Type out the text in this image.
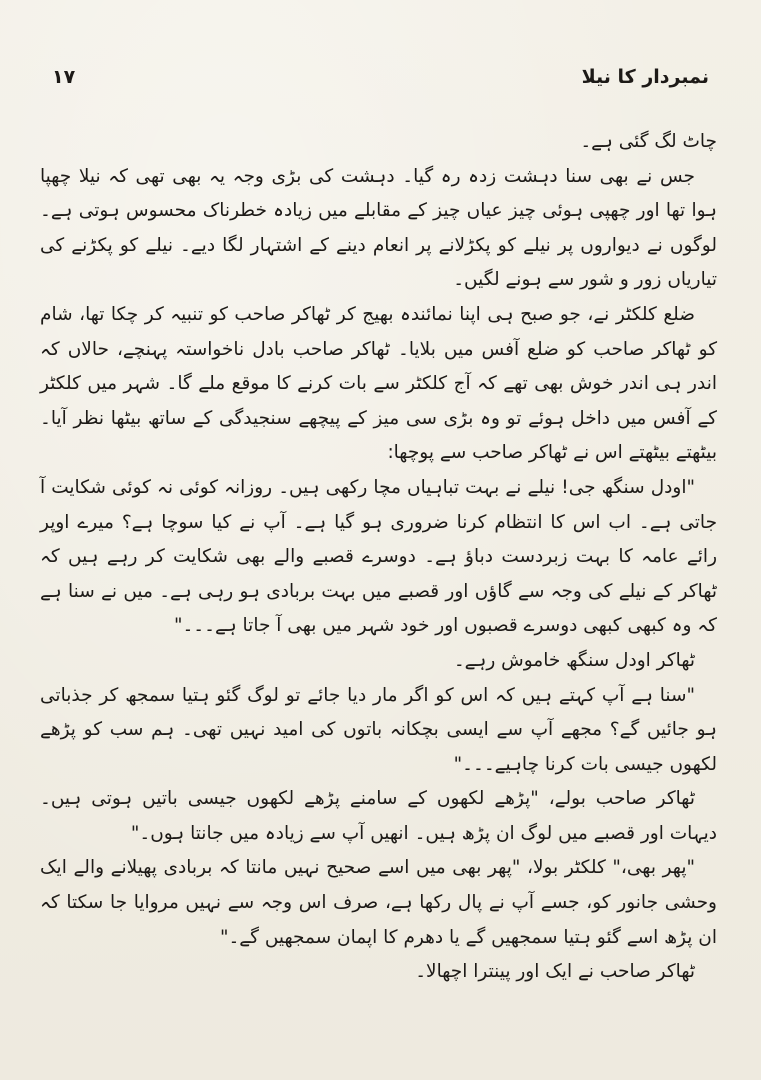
نمبردار کا نیلا
۱۷

چاٹ لگ گئی ہے۔

جس نے بھی سنا دہشت زدہ رہ گیا۔ دہشت کی بڑی وجہ یہ بھی تھی کہ نیلا چھپا ہوا تھا اور چھپی ہوئی چیز عیاں چیز کے مقابلے میں زیادہ خطرناک محسوس ہوتی ہے۔ لوگوں نے دیواروں پر نیلے کو پکڑلانے پر انعام دینے کے اشتہار لگا دیے۔ نیلے کو پکڑنے کی تیاریاں زور و شور سے ہونے لگیں۔

ضلع کلکٹر نے، جو صبح ہی اپنا نمائندہ بھیج کر ٹھاکر صاحب کو تنبیہ کر چکا تھا، شام کو ٹھاکر صاحب کو ضلع آفس میں بلایا۔ ٹھاکر صاحب بادل ناخواستہ پہنچے، حالاں کہ اندر ہی اندر خوش بھی تھے کہ آج کلکٹر سے بات کرنے کا موقع ملے گا۔ شہر میں کلکٹر کے آفس میں داخل ہوئے تو وہ بڑی سی میز کے پیچھے سنجیدگی کے ساتھ بیٹھا نظر آیا۔ بیٹھتے بیٹھتے اس نے ٹھاکر صاحب سے پوچھا:

"اودل سنگھ جی! نیلے نے بہت تباہیاں مچا رکھی ہیں۔ روزانہ کوئی نہ کوئی شکایت آ جاتی ہے۔ اب اس کا انتظام کرنا ضروری ہو گیا ہے۔ آپ نے کیا سوچا ہے؟ میرے اوپر رائے عامہ کا بہت زبردست دباؤ ہے۔ دوسرے قصبے والے بھی شکایت کر رہے ہیں کہ ٹھاکر کے نیلے کی وجہ سے گاؤں اور قصبے میں بہت بربادی ہو رہی ہے۔ میں نے سنا ہے کہ وہ کبھی کبھی دوسرے قصبوں اور خود شہر میں بھی آ جاتا ہے۔۔۔"

ٹھاکر اودل سنگھ خاموش رہے۔

"سنا ہے آپ کہتے ہیں کہ اس کو اگر مار دیا جائے تو لوگ گئو ہتیا سمجھ کر جذباتی ہو جائیں گے؟ مجھے آپ سے ایسی بچکانہ باتوں کی امید نہیں تھی۔ ہم سب کو پڑھے لکھوں جیسی بات کرنا چاہیے۔۔۔"

ٹھاکر صاحب بولے، "پڑھے لکھوں کے سامنے پڑھے لکھوں جیسی باتیں ہوتی ہیں۔ دیہات اور قصبے میں لوگ ان پڑھ ہیں۔ انھیں آپ سے زیادہ میں جانتا ہوں۔"

"پھر بھی،" کلکٹر بولا، "پھر بھی میں اسے صحیح نہیں مانتا کہ بربادی پھیلانے والے ایک وحشی جانور کو، جسے آپ نے پال رکھا ہے، صرف اس وجہ سے نہیں مروایا جا سکتا کہ ان پڑھ اسے گئو ہتیا سمجھیں گے یا دھرم کا اپمان سمجھیں گے۔"

ٹھاکر صاحب نے ایک اور پینترا اچھالا۔
